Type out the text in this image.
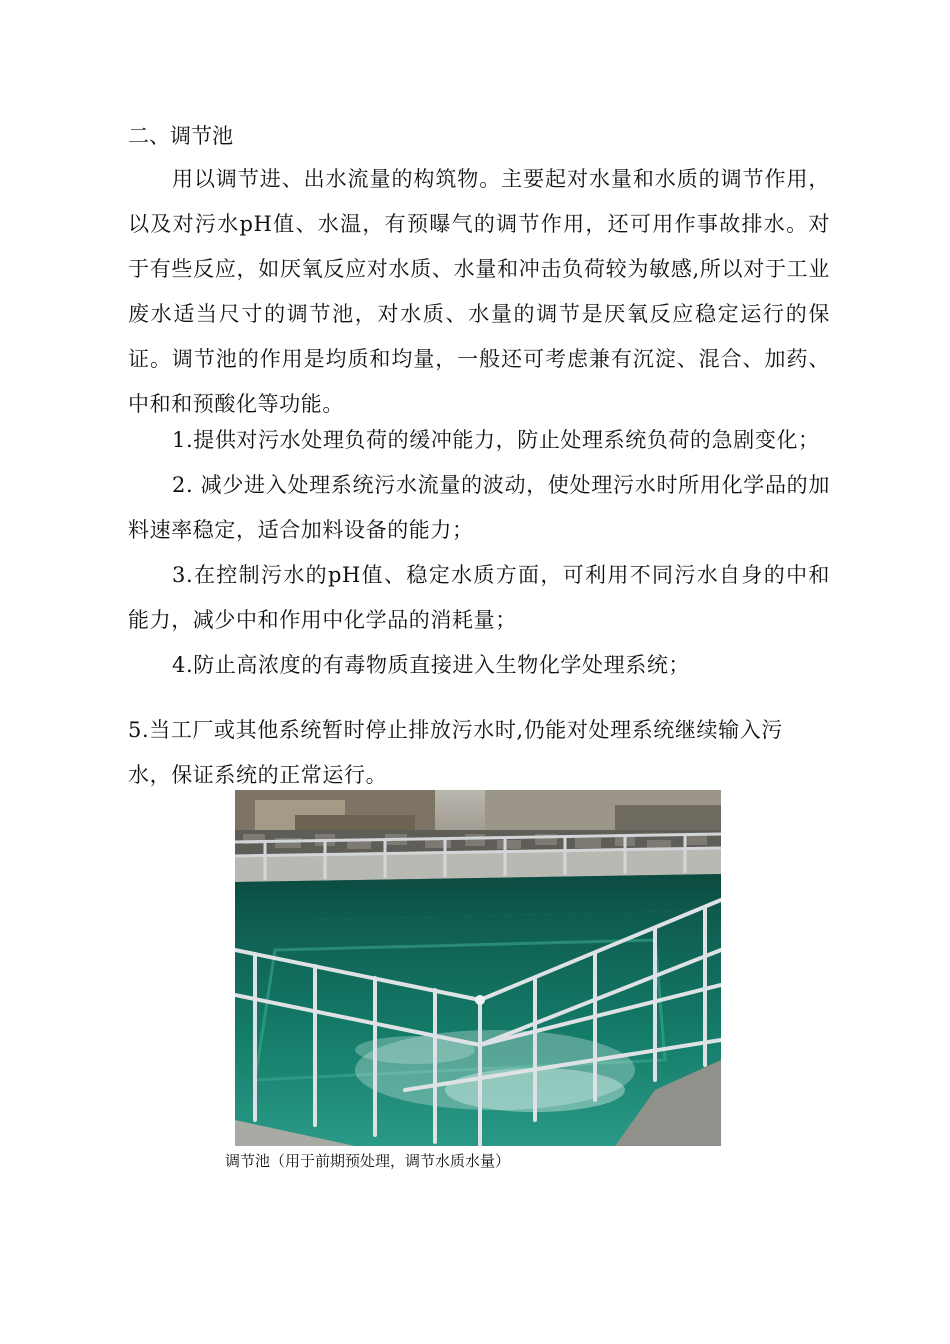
二、调节池

用以调节进、出水流量的构筑物。主要起对水量和水质的调节作用，以及对污水pH值、水温，有预曝气的调节作用，还可用作事故排水。对于有些反应，如厌氧反应对水质、水量和冲击负荷较为敏感,所以对于工业废水适当尺寸的调节池，对水质、水量的调节是厌氧反应稳定运行的保证。调节池的作用是均质和均量，一般还可考虑兼有沉淀、混合、加药、中和和预酸化等功能。

1.提供对污水处理负荷的缓冲能力，防止处理系统负荷的急剧变化；

2. 减少进入处理系统污水流量的波动，使处理污水时所用化学品的加料速率稳定，适合加料设备的能力；

3.在控制污水的pH值、稳定水质方面，可利用不同污水自身的中和能力，减少中和作用中化学品的消耗量；

4.防止高浓度的有毒物质直接进入生物化学处理系统；

5.当工厂或其他系统暂时停止排放污水时,仍能对处理系统继续输入污
水，保证系统的正常运行。

调节池（用于前期预处理，调节水质水量）
